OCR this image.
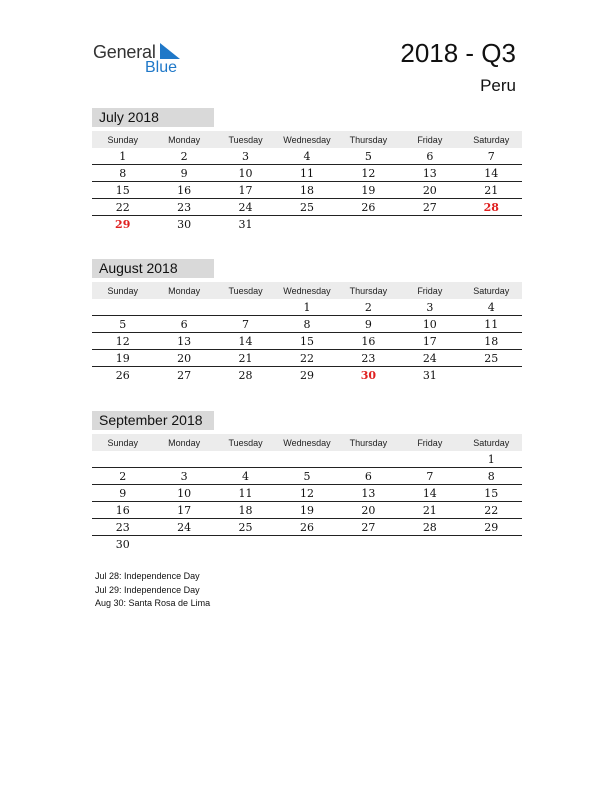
General
Blue	2018 - Q3
Peru
July 2018
Sunday	Monday	Tuesday	Wednesday	Thursday	Friday	Saturday
1	2	3	4	5	6	7
8	9	10	11	12	13	14
15	16	17	18	19	20	21
22	23	24	25	26	27	28
29	30	31				
August 2018
Sunday	Monday	Tuesday	Wednesday	Thursday	Friday	Saturday
			1	2	3	4
5	6	7	8	9	10	11
12	13	14	15	16	17	18
19	20	21	22	23	24	25
26	27	28	29	30	31	
September 2018
Sunday	Monday	Tuesday	Wednesday	Thursday	Friday	Saturday
						1
2	3	4	5	6	7	8
9	10	11	12	13	14	15
16	17	18	19	20	21	22
23	24	25	26	27	28	29
30						
Jul 28: Independence Day
Jul 29: Independence Day
Aug 30: Santa Rosa de Lima
